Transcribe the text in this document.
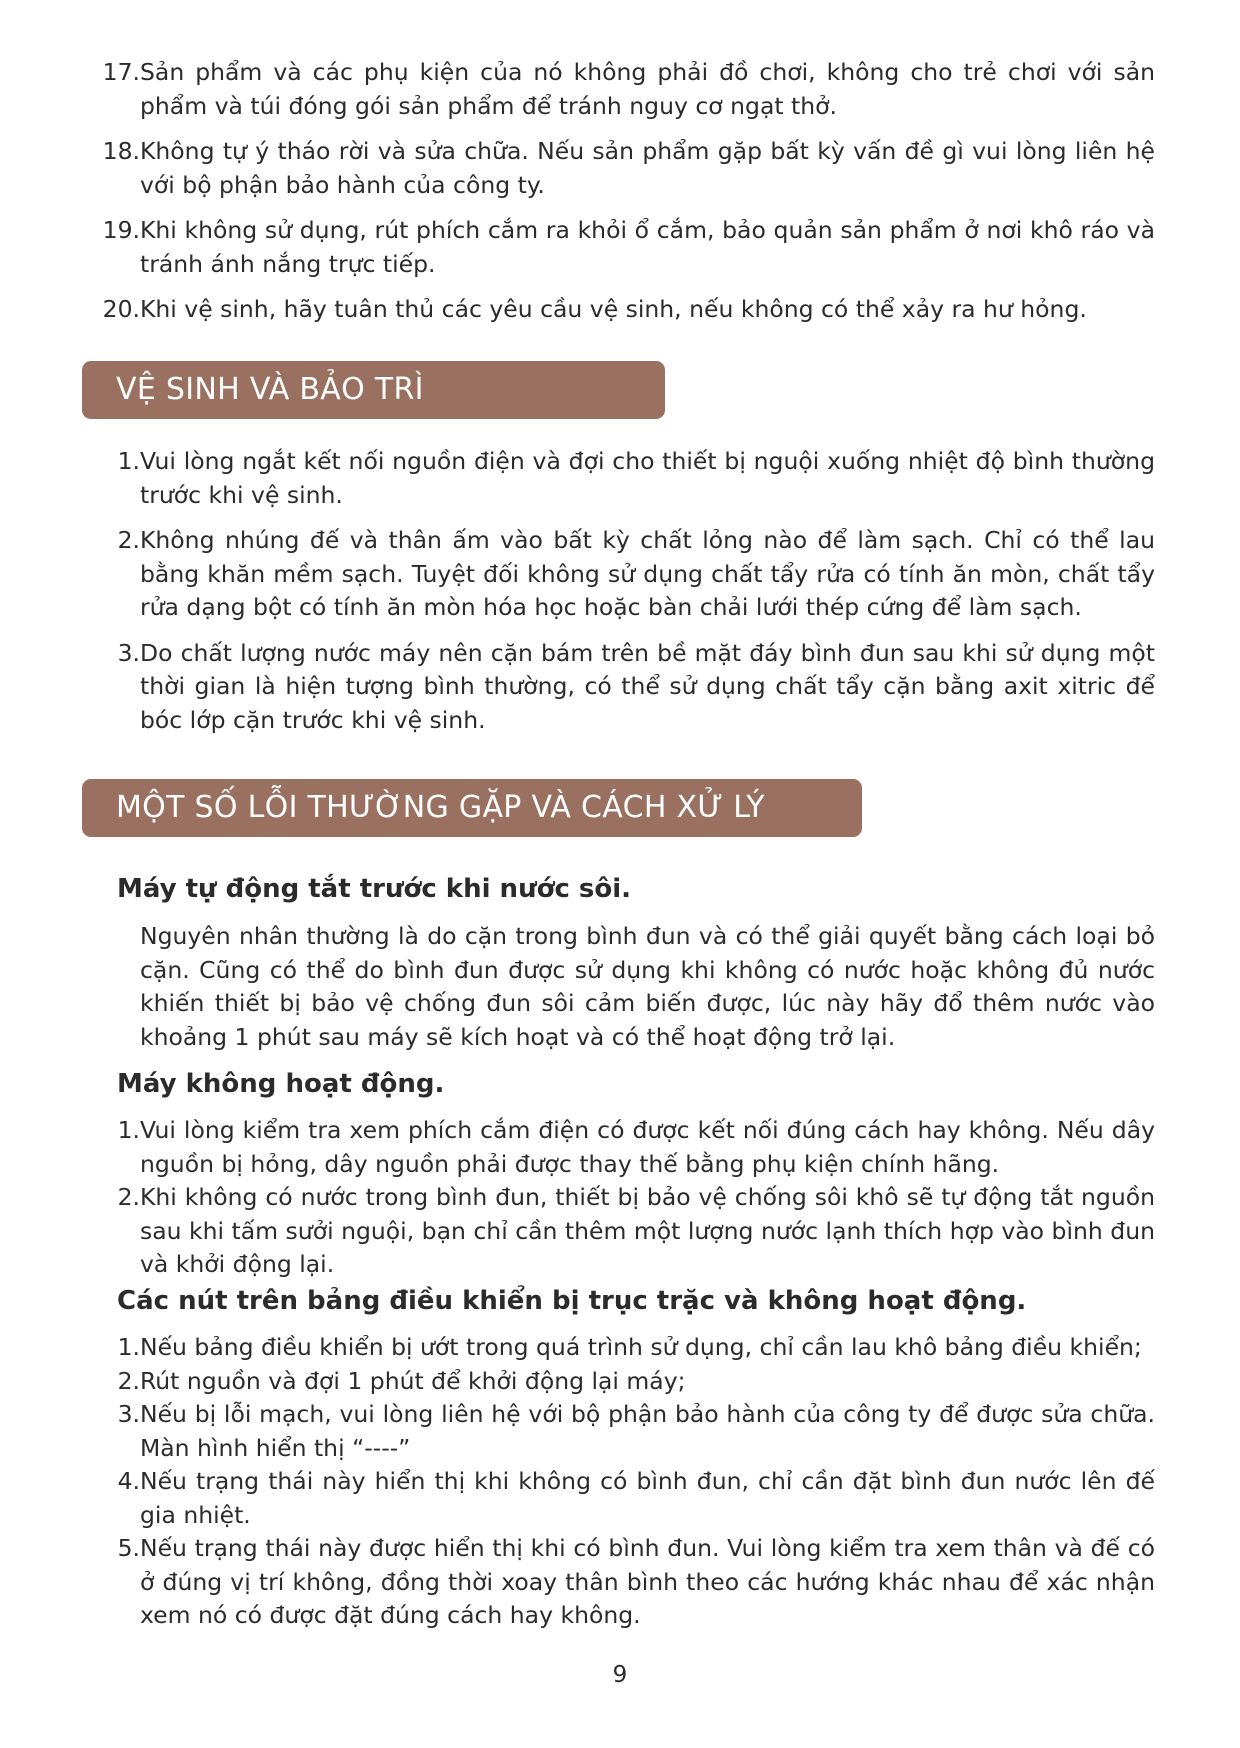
17. Sản phẩm và các phụ kiện của nó không phải đồ chơi, không cho trẻ chơi với sản phẩm và túi đóng gói sản phẩm để tránh nguy cơ ngạt thở.
18. Không tự ý tháo rời và sửa chữa. Nếu sản phẩm gặp bất kỳ vấn đề gì vui lòng liên hệ với bộ phận bảo hành của công ty.
19. Khi không sử dụng, rút phích cắm ra khỏi ổ cắm, bảo quản sản phẩm ở nơi khô ráo và tránh ánh nắng trực tiếp.
20. Khi vệ sinh, hãy tuân thủ các yêu cầu vệ sinh, nếu không có thể xảy ra hư hỏng.
VỆ SINH VÀ BẢO TRÌ
1. Vui lòng ngắt kết nối nguồn điện và đợi cho thiết bị nguội xuống nhiệt độ bình thường trước khi vệ sinh.
2. Không nhúng đế và thân ấm vào bất kỳ chất lỏng nào để làm sạch. Chỉ có thể lau bằng khăn mềm sạch. Tuyệt đối không sử dụng chất tẩy rửa có tính ăn mòn, chất tẩy rửa dạng bột có tính ăn mòn hóa học hoặc bàn chải lưới thép cứng để làm sạch.
3. Do chất lượng nước máy nên cặn bám trên bề mặt đáy bình đun sau khi sử dụng một thời gian là hiện tượng bình thường, có thể sử dụng chất tẩy cặn bằng axit xitric để bóc lớp cặn trước khi vệ sinh.
MỘT SỐ LỖI THƯỜNG GẶP VÀ CÁCH XỬ LÝ
Máy tự động tắt trước khi nước sôi.
Nguyên nhân thường là do cặn trong bình đun và có thể giải quyết bằng cách loại bỏ cặn. Cũng có thể do bình đun được sử dụng khi không có nước hoặc không đủ nước khiến thiết bị bảo vệ chống đun sôi cảm biến được, lúc này hãy đổ thêm nước vào khoảng 1 phút sau máy sẽ kích hoạt và có thể hoạt động trở lại.
Máy không hoạt động.
1. Vui lòng kiểm tra xem phích cắm điện có được kết nối đúng cách hay không. Nếu dây nguồn bị hỏng, dây nguồn phải được thay thế bằng phụ kiện chính hãng.
2. Khi không có nước trong bình đun, thiết bị bảo vệ chống sôi khô sẽ tự động tắt nguồn sau khi tấm sưởi nguội, bạn chỉ cần thêm một lượng nước lạnh thích hợp vào bình đun và khởi động lại.
Các nút trên bảng điều khiển bị trục trặc và không hoạt động.
1. Nếu bảng điều khiển bị ướt trong quá trình sử dụng, chỉ cần lau khô bảng điều khiển;
2. Rút nguồn và đợi 1 phút để khởi động lại máy;
3. Nếu bị lỗi mạch, vui lòng liên hệ với bộ phận bảo hành của công ty để được sửa chữa. Màn hình hiển thị “----”
4. Nếu trạng thái này hiển thị khi không có bình đun, chỉ cần đặt bình đun nước lên đế gia nhiệt.
5. Nếu trạng thái này được hiển thị khi có bình đun. Vui lòng kiểm tra xem thân và đế có ở đúng vị trí không, đồng thời xoay thân bình theo các hướng khác nhau để xác nhận xem nó có được đặt đúng cách hay không.
9
